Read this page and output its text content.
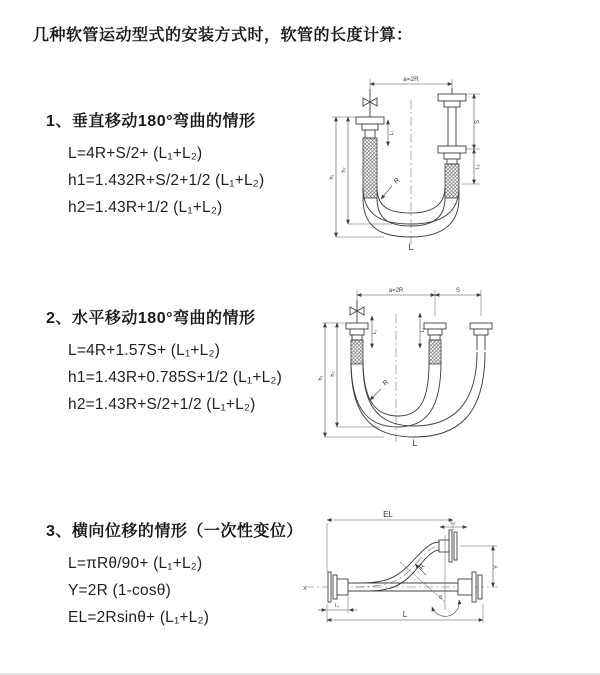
几种软管运动型式的安装方式时，软管的长度计算：
1、垂直移动180°弯曲的情形
L=4R+S/2+ (L₁+L₂)
h1=1.432R+S/2+1/2 (L₁+L₂)
h2=1.43R+1/2 (L₁+L₂)
a=2R
L₁
S
L₂
h₁
h₂
R
L
2、水平移动180°弯曲的情形
L=4R+1.57S+ (L₁+L₂)
h1=1.43R+0.785S+1/2 (L₁+L₂)
h2=1.43R+S/2+1/2 (L₁+L₂)
a=2R	S
L₁	L₂
h₁
h₂
R
L
3、横向位移的情形（一次性变位）
L=πRθ/90+ (L₁+L₂)
Y=2R (1-cosθ)
EL=2Rsinθ+ (L₁+L₂)
X
EL
L₂
θ
R	Y
L₁
L
